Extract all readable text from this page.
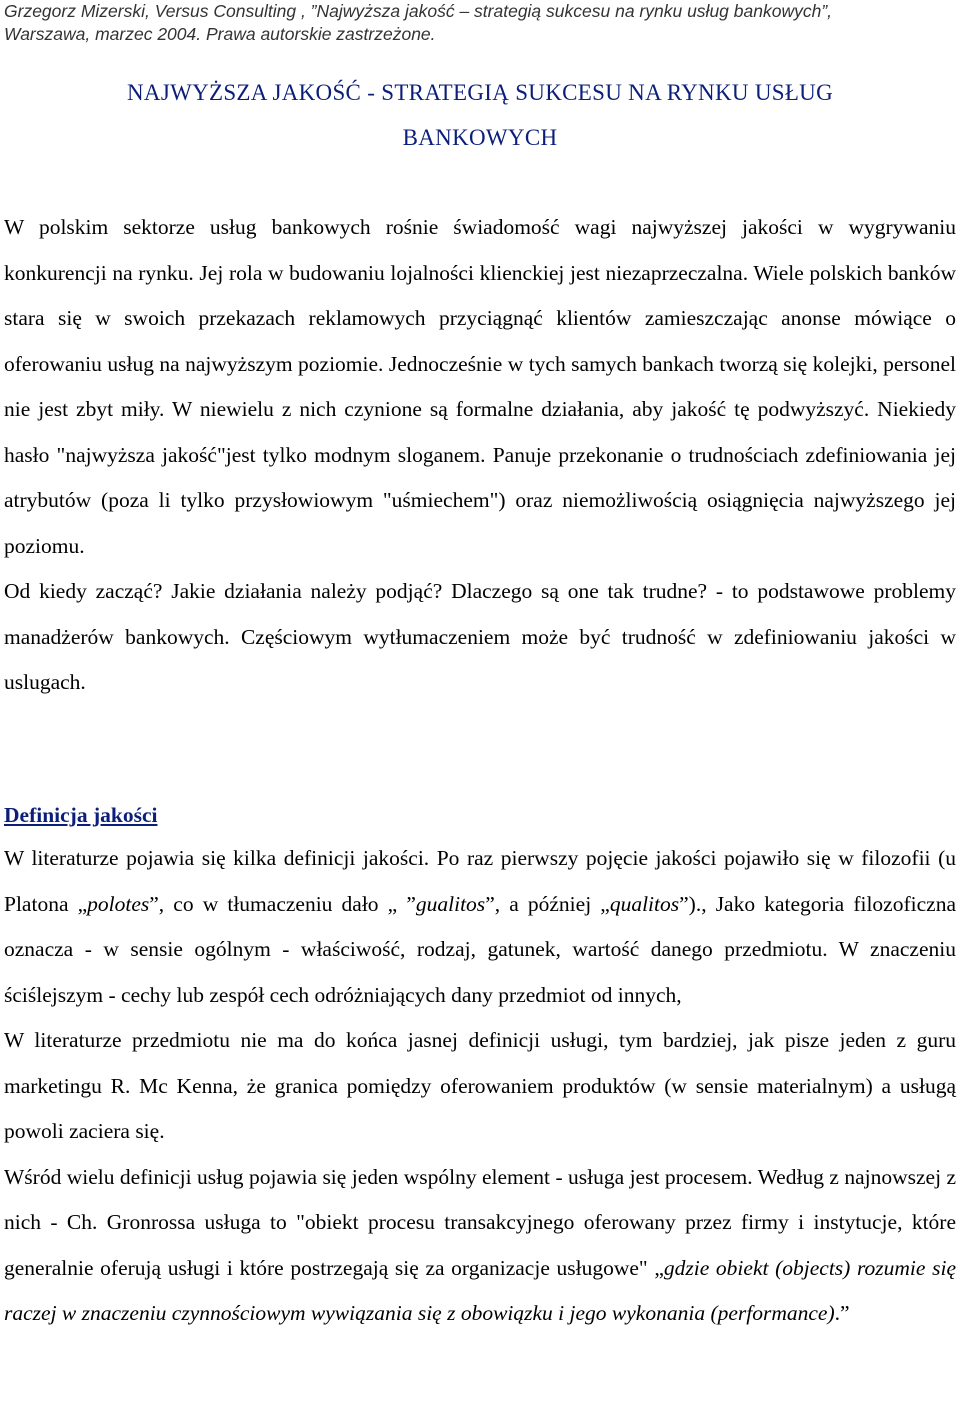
Grzegorz Mizerski, Versus Consulting , ”Najwyższa jakość – strategią sukcesu na rynku usług bankowych”,
Warszawa, marzec 2004. Prawa autorskie zastrzeżone.
NAJWYŻSZA JAKOŚĆ - STRATEGIĄ SUKCESU NA RYNKU USŁUG
BANKOWYCH

W polskim sektorze usług bankowych rośnie świadomość wagi najwyższej jakości w wygrywaniu konkurencji na rynku. Jej rola w budowaniu lojalności klienckiej jest niezaprzeczalna. Wiele polskich banków stara się w swoich przekazach reklamowych przyciągnąć klientów zamieszczając anonse mówiące o oferowaniu usług na najwyższym poziomie. Jednocześnie w tych samych bankach tworzą się kolejki, personel nie jest zbyt miły. W niewielu z nich czynione są formalne działania, aby jakość tę podwyższyć. Niekiedy hasło "najwyższa jakość"jest tylko modnym sloganem. Panuje przekonanie o trudnościach zdefiniowania jej atrybutów (poza li tylko przysłowiowym "uśmiechem") oraz niemożliwością osiągnięcia najwyższego jej poziomu.

Od kiedy zacząć? Jakie działania należy podjąć? Dlaczego są one tak trudne? - to podstawowe problemy manadżerów bankowych. Częściowym wytłumaczeniem może być trudność w zdefiniowaniu jakości w uslugach.

Definicja jakości

W literaturze pojawia się kilka definicji jakości. Po raz pierwszy pojęcie jakości pojawiło się w filozofii (u Platona „polotes”, co w tłumaczeniu dało „ ”gualitos”, a później „qualitos”)., Jako kategoria filozoficzna oznacza - w sensie ogólnym - właściwość, rodzaj, gatunek, wartość danego przedmiotu. W znaczeniu ściślejszym - cechy lub zespół cech odróżniających dany przedmiot od innych,

W literaturze przedmiotu nie ma do końca jasnej definicji usługi, tym bardziej, jak pisze jeden z guru marketingu R. Mc Kenna, że granica pomiędzy oferowaniem produktów (w sensie materialnym) a usługą powoli zaciera się.

Wśród wielu definicji usług pojawia się jeden wspólny element - usługa jest procesem. Według z najnowszej z nich - Ch. Gronrossa usługa to "obiekt procesu transakcyjnego oferowany przez firmy i instytucje, które generalnie oferują usługi i które postrzegają się za organizacje usługowe" „gdzie obiekt (objects) rozumie się raczej w znaczeniu czynnościowym wywiązania się z obowiązku i jego wykonania (performance).”
